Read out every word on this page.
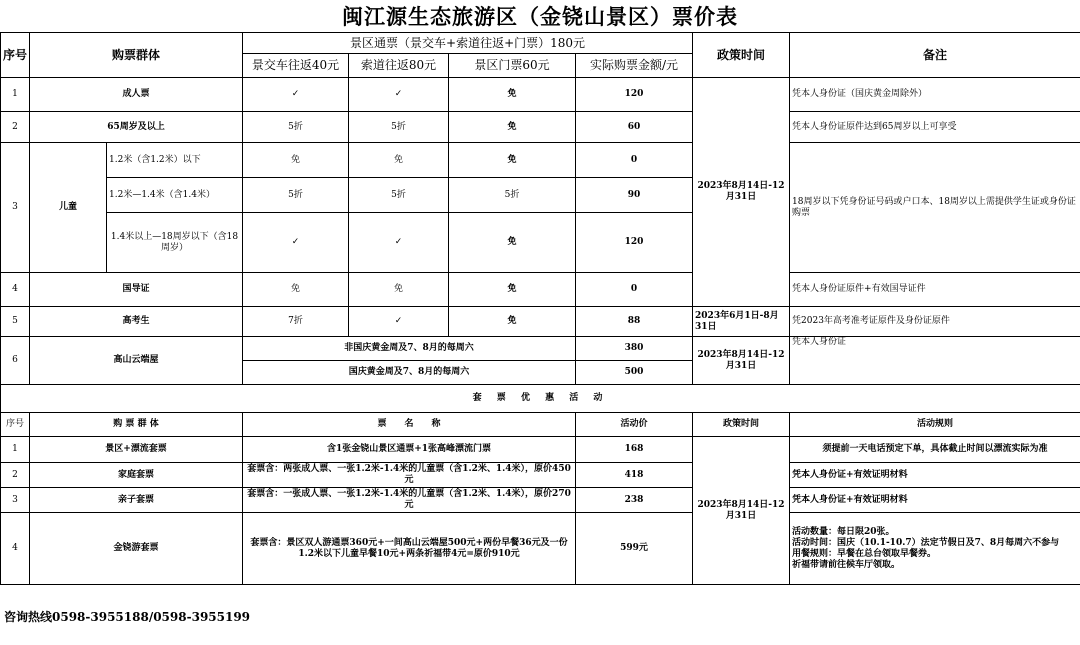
闽江源生态旅游区（金铙山景区）票价表
序号	购票群体		景区通票（景交车+索道往返+门票）180元				政策时间	备注
			景交车往返40元	索道往返80元	景区门票60元	实际购票金额/元		
1	成人票		✓	✓	免	120	2023年8月14日-12月31日	凭本人身份证（国庆黄金周除外）
2	65周岁及以上		5折	5折	免	60		凭本人身份证原件达到65周岁以上可享受
3	儿童	1.2米（含1.2米）以下	免	免	免	0		18周岁以下凭身份证号码或户口本、18周岁以上需提供学生证或身份证购票
		1.2米—1.4米（含1.4米）	5折	5折	5折	90		
		1.4米以上—18周岁以下（含18周岁）	✓	✓	免	120		
4	国导证		免	免	免	0		凭本人身份证原件+有效国导证件
5	高考生		7折	✓	免	88	2023年6月1日-8月31日	凭2023年高考准考证原件及身份证原件
6	高山云端屋		非国庆黄金周及7、8月的每周六			380	2023年8月14日-12月31日	凭本人身份证
			国庆黄金周及7、8月的每周六			500		
套 票 优 惠 活 动								
序号	购 票 群 体		票　　名　　称			活动价	政策时间	活动规则
1	景区+漂流套票		含1张金铙山景区通票+1张高峰漂流门票			168	2023年8月14日-12月31日	须提前一天电话预定下单，具体截止时间以漂流实际为准
2	家庭套票		套票含：两张成人票、一张1.2米-1.4米的儿童票（含1.2米、1.4米），原价450元			418		凭本人身份证+有效证明材料
3	亲子套票		套票含：一张成人票、一张1.2米-1.4米的儿童票（含1.2米、1.4米），原价270元			238		凭本人身份证+有效证明材料
4	金铙游套票		套票含：景区双人游通票360元+一间高山云端屋500元+两份早餐36元及一份1.2米以下儿童早餐10元+两条祈福带4元=原价910元			599元		活动数量：每日限20张。
活动时间：国庆（10.1-10.7）法定节假日及7、8月每周六不参与
用餐规则：早餐在总台领取早餐券。
祈福带请前往候车厅领取。
咨询热线0598-3955188/0598-3955199
